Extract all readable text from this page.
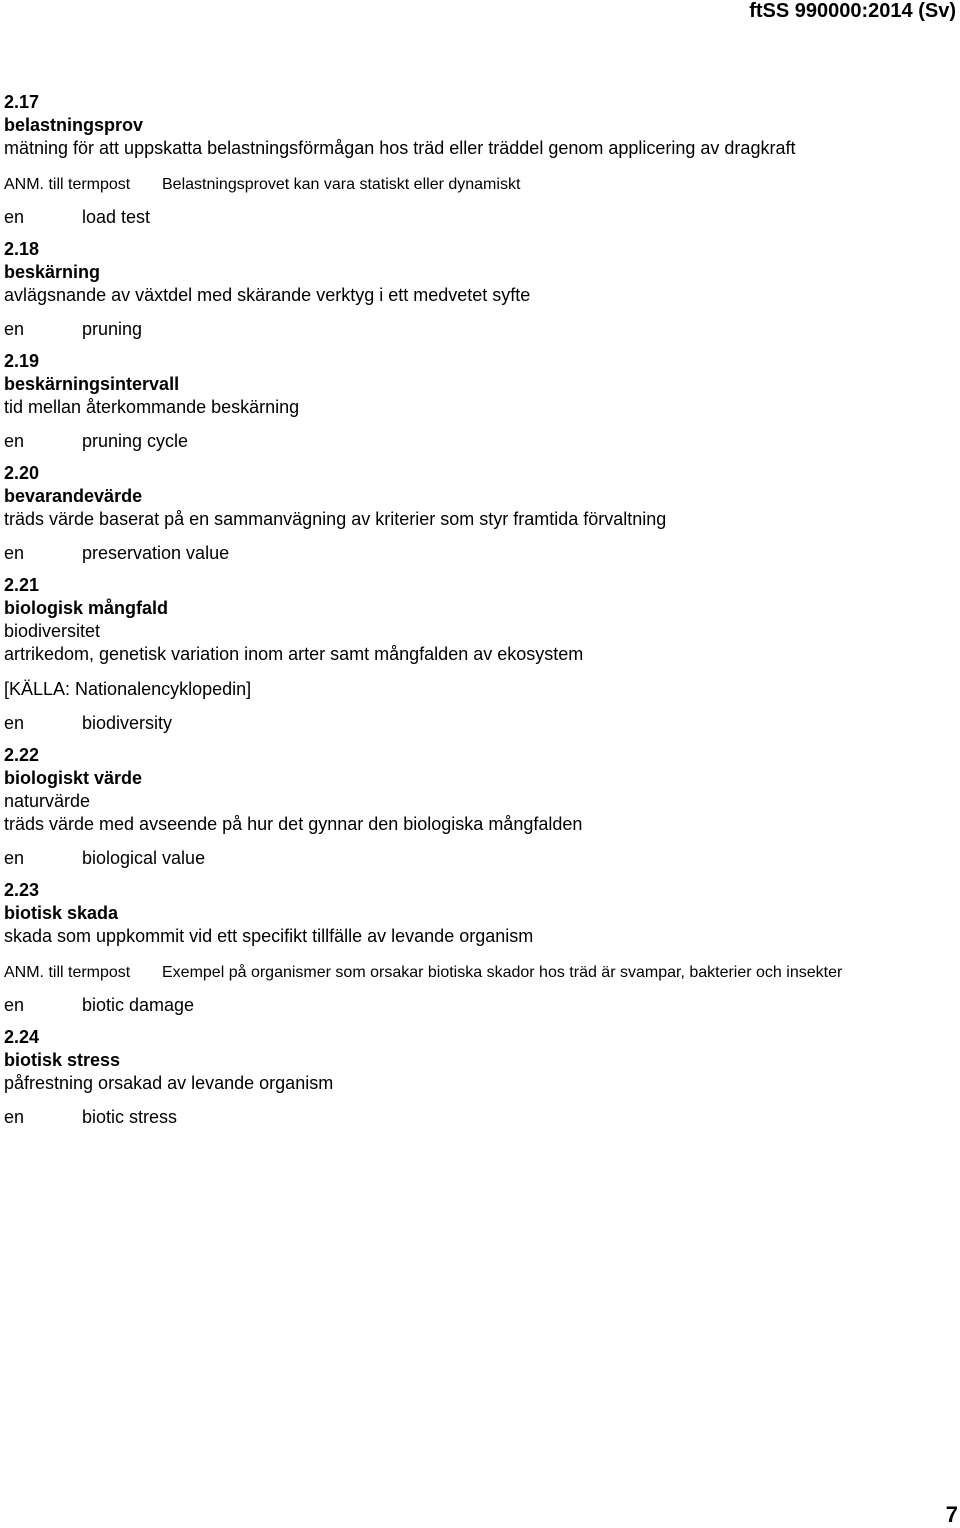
ftSS 990000:2014 (Sv)
2.17
belastningsprov
mätning för att uppskatta belastningsförmågan hos träd eller träddel genom applicering av dragkraft
ANM. till termpost Belastningsprovet kan vara statiskt eller dynamiskt
en	load test
2.18
beskärning
avlägsnande av växtdel med skärande verktyg i ett medvetet syfte
en	pruning
2.19
beskärningsintervall
tid mellan återkommande beskärning
en	pruning cycle
2.20
bevarandevärde
träds värde baserat på en sammanvägning av kriterier som styr framtida förvaltning
en	preservation value
2.21
biologisk mångfald
biodiversitet
artrikedom, genetisk variation inom arter samt mångfalden av ekosystem
[KÄLLA: Nationalencyklopedin]
en	biodiversity
2.22
biologiskt värde
naturvärde
träds värde med avseende på hur det gynnar den biologiska mångfalden
en	biological value
2.23
biotisk skada
skada som uppkommit vid ett specifikt tillfälle av levande organism
ANM. till termpost Exempel på organismer som orsakar biotiska skador hos träd är svampar, bakterier och insekter
en	biotic damage
2.24
biotisk stress
påfrestning orsakad av levande organism
en	biotic stress
7
